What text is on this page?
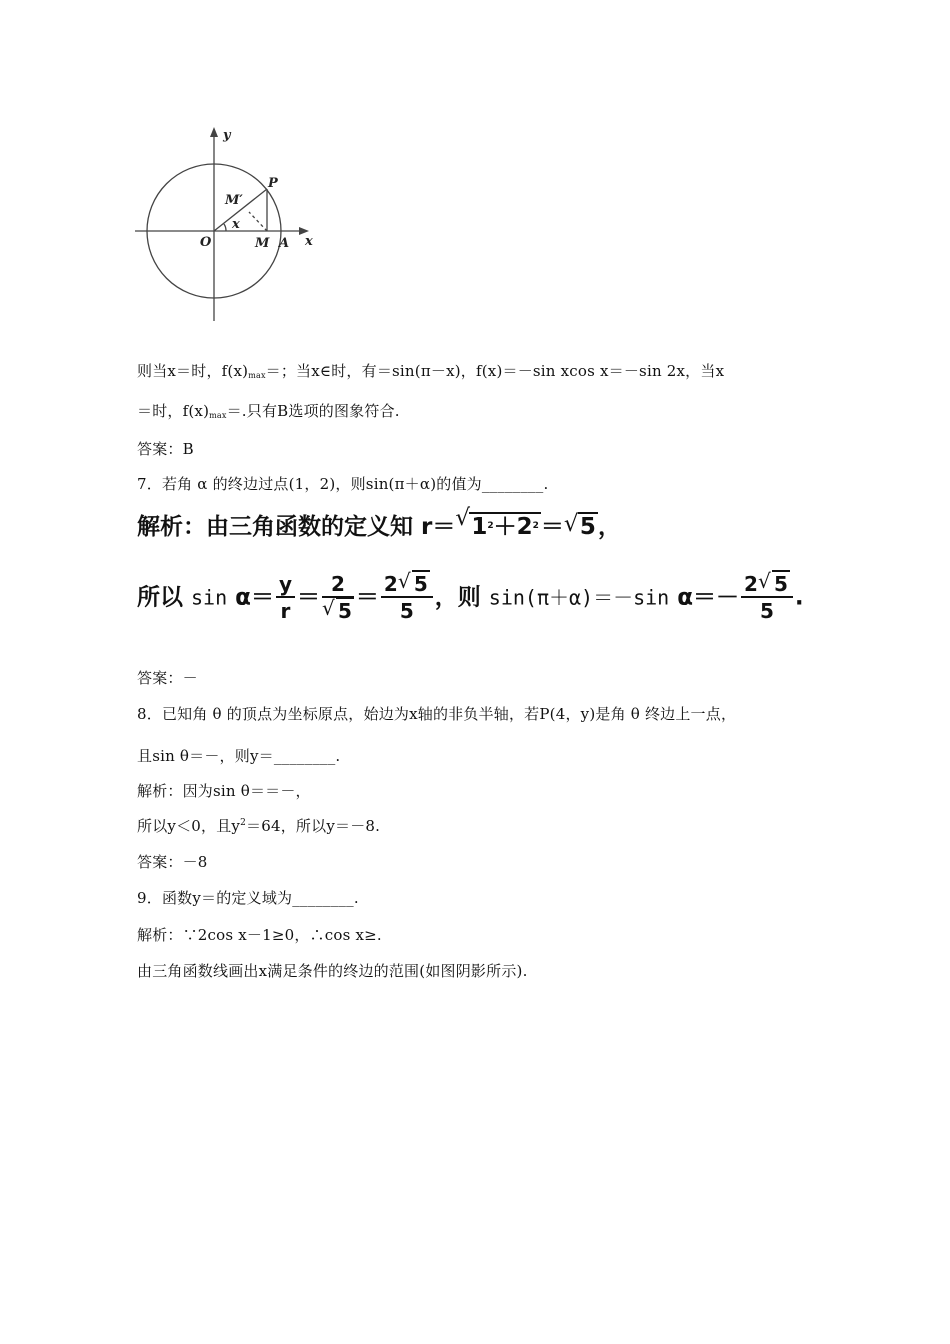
y
x
P
M′
O
x
M A
则当x＝时，$f(x)_{max}=$；当x∈时，有＝sin(π－x)，f(x)＝－sin xcos x＝－sin 2x，当x
＝时，$f(x)_{max}=$.只有B选项的图象符合.
答案：B
7．若角 α 的终边过点(1，2)，则sin(π＋α)的值为________.
解析：由三角函数的定义知 r＝ √ $1^2+2^2=$ √ 5，
所以 $\sin \alpha= \frac{y}{r} = \frac{2}{√ 5} = \frac{2 √ 5}{5}$ ，则 sin(π＋α)＝－sin $\alpha=- \frac{2 √ 5}{5}$ .
答案：－
8．已知角 θ 的顶点为坐标原点，始边为x轴的非负半轴，若P(4，y)是角 θ 终边上一点，
且sin θ＝－，则y＝________.
解析：因为sin θ＝＝－，
所以y＜0，且$y^2=64$，所以y＝－8.
答案：－8
9．函数y＝的定义域为________.
解析：∵2cos x－1≥0，∴cos x≥.
由三角函数线画出x满足条件的终边的范围(如图阴影所示).
